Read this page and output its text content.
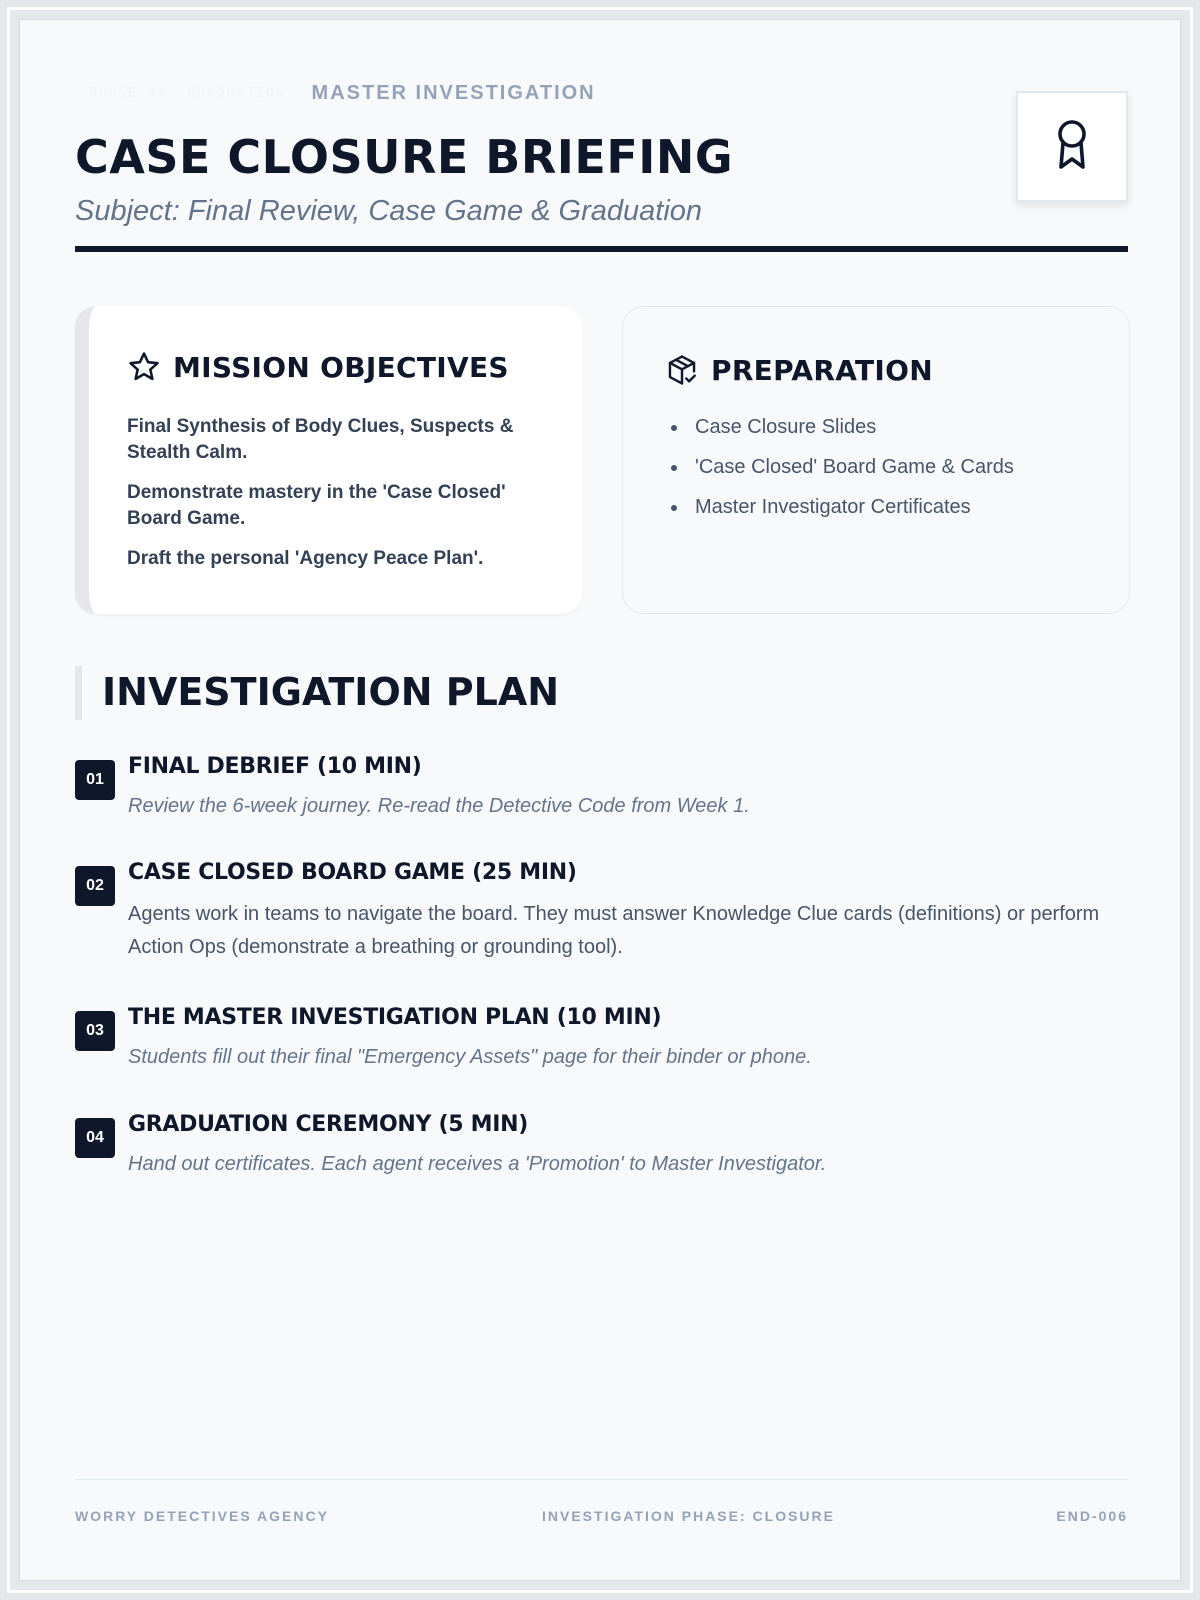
PHASE 08: GRADUATION	MASTER INVESTIGATION
CASE CLOSURE BRIEFING
Subject: Final Review, Case Game & Graduation
MISSION OBJECTIVES
Final Synthesis of Body Clues, Suspects & Stealth Calm.
Demonstrate mastery in the 'Case Closed' Board Game.
Draft the personal 'Agency Peace Plan'.
PREPARATION
Case Closure Slides
'Case Closed' Board Game & Cards
Master Investigator Certificates
INVESTIGATION PLAN
01
FINAL DEBRIEF (10 MIN)
Review the 6-week journey. Re-read the Detective Code from Week 1.
02
CASE CLOSED BOARD GAME (25 MIN)
Agents work in teams to navigate the board. They must answer Knowledge Clue cards (definitions) or perform Action Ops (demonstrate a breathing or grounding tool).
03
THE MASTER INVESTIGATION PLAN (10 MIN)
Students fill out their final "Emergency Assets" page for their binder or phone.
04
GRADUATION CEREMONY (5 MIN)
Hand out certificates. Each agent receives a 'Promotion' to Master Investigator.
WORRY DETECTIVES AGENCY	INVESTIGATION PHASE: CLOSURE	END-006
